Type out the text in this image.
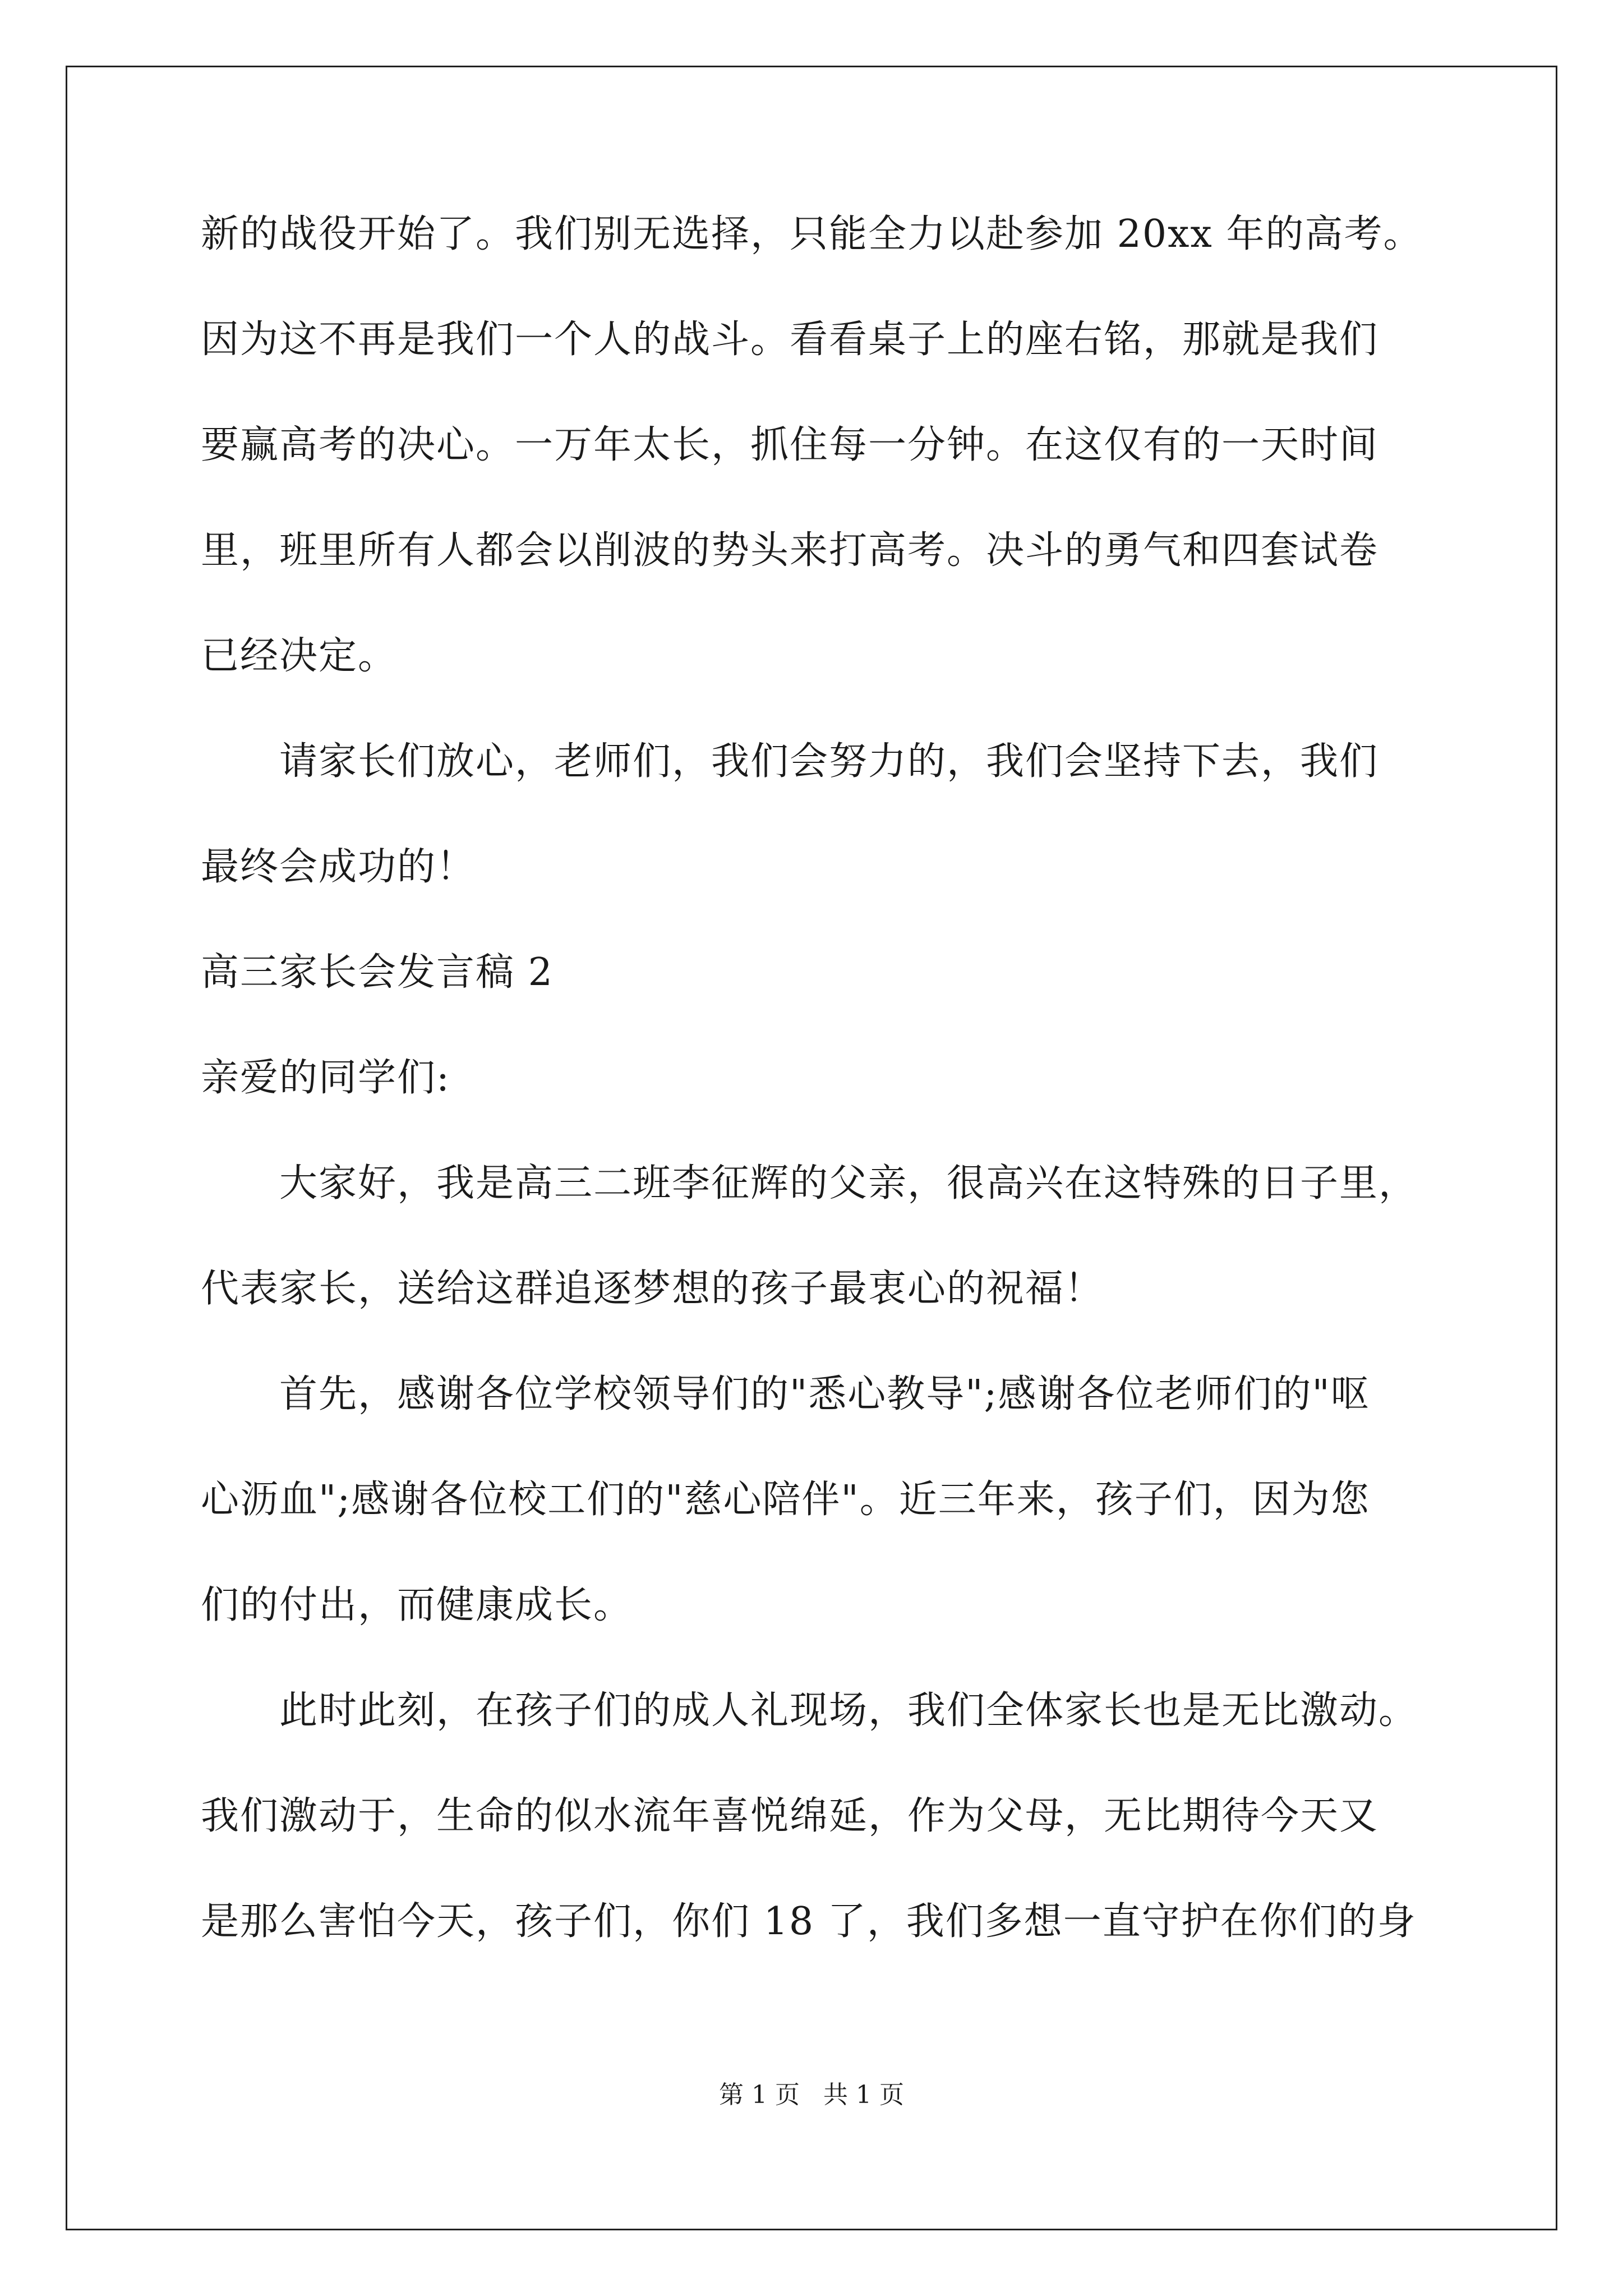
新的战役开始了。我们别无选择，只能全力以赴参加 20xx 年的高考。
因为这不再是我们一个人的战斗。看看桌子上的座右铭，那就是我们
要赢高考的决心。一万年太长，抓住每一分钟。在这仅有的一天时间
里，班里所有人都会以削波的势头来打高考。决斗的勇气和四套试卷
已经决定。
请家长们放心，老师们，我们会努力的，我们会坚持下去，我们
最终会成功的！
高三家长会发言稿 2
亲爱的同学们:
大家好，我是高三二班李征辉的父亲，很高兴在这特殊的日子里，
代表家长，送给这群追逐梦想的孩子最衷心的祝福！
首先，感谢各位学校领导们的"悉心教导";感谢各位老师们的"呕
心沥血";感谢各位校工们的"慈心陪伴"。近三年来，孩子们，因为您
们的付出，而健康成长。
此时此刻，在孩子们的成人礼现场，我们全体家长也是无比激动。
我们激动于，生命的似水流年喜悦绵延，作为父母，无比期待今天又
是那么害怕今天，孩子们，你们 18 了，我们多想一直守护在你们的身
第 1 页   共 1 页
